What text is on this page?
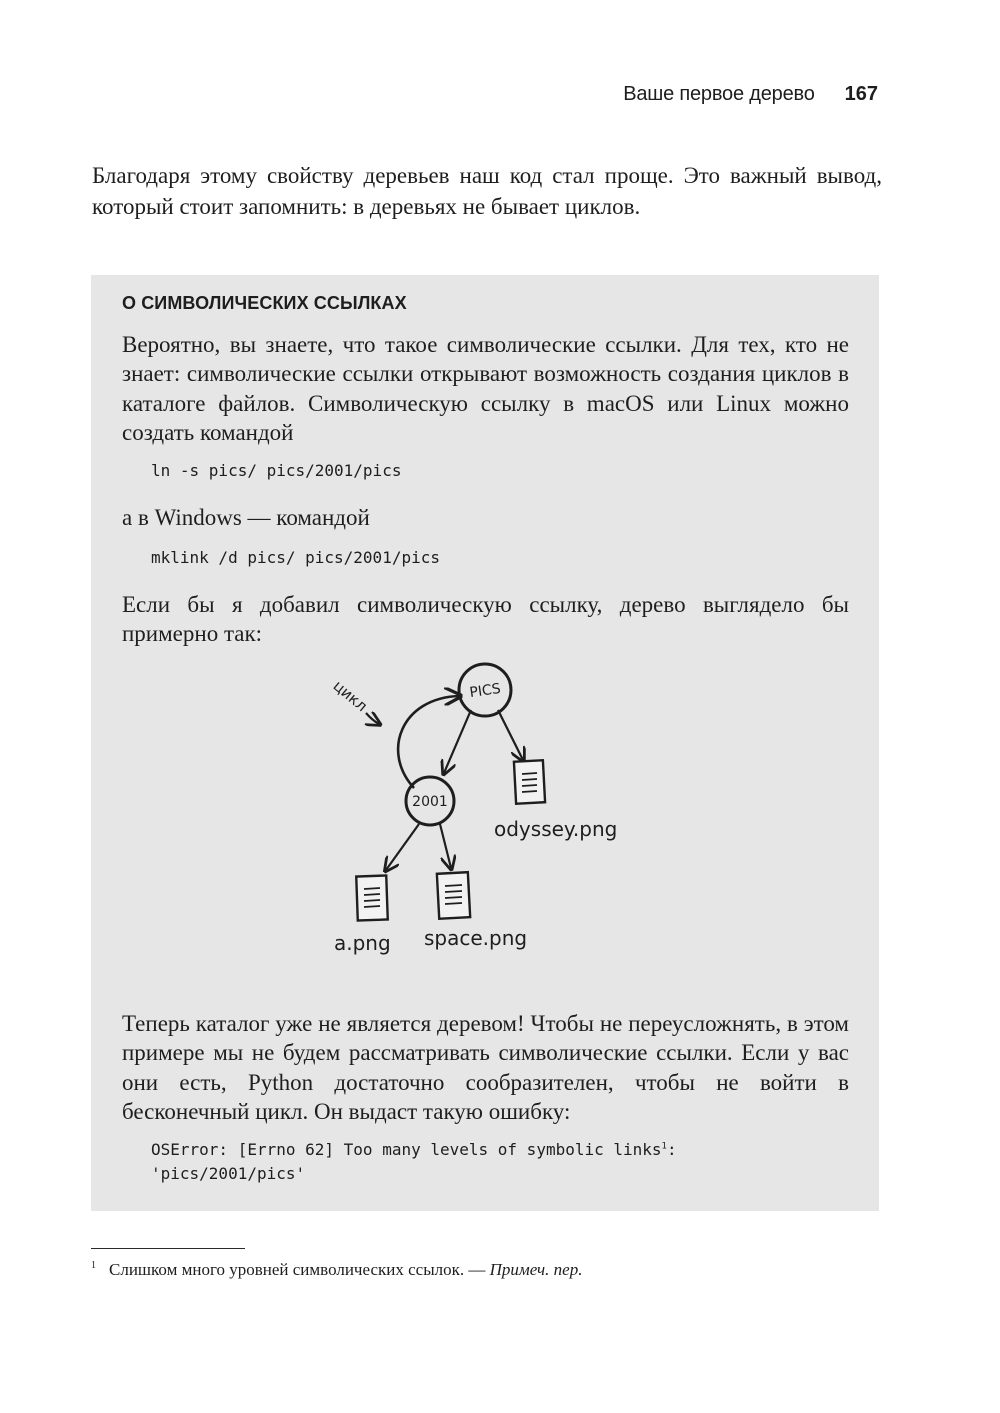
Ваше первое дерево 167

Благодаря этому свойству деревьев наш код стал проще. Это важный вывод, который стоит запомнить: в деревьях не бывает циклов.

О СИМВОЛИЧЕСКИХ ССЫЛКАХ

Вероятно, вы знаете, что такое символические ссылки. Для тех, кто не знает: символические ссылки открывают возможность создания циклов в каталоге файлов. Символическую ссылку в macOS или Linux можно создать командой

ln -s pics/ pics/2001/pics

а в Windows — командой

mklink /d pics/ pics/2001/pics

Если бы я добавил символическую ссылку, дерево выглядело бы примерно так:

цикл	PICS
2001
odyssey.png
a.png space.png

Теперь каталог уже не является деревом! Чтобы не переусложнять, в этом примере мы не будем рассматривать символические ссылки. Если у вас они есть, Python достаточно сообразителен, чтобы не войти в бесконечный цикл. Он выдаст такую ошибку:

OSError: [Errno 62] Too many levels of symbolic links$^1$:
'pics/2001/pics'

$^1$ Слишком много уровней символических ссылок. — Примеч. пер.
